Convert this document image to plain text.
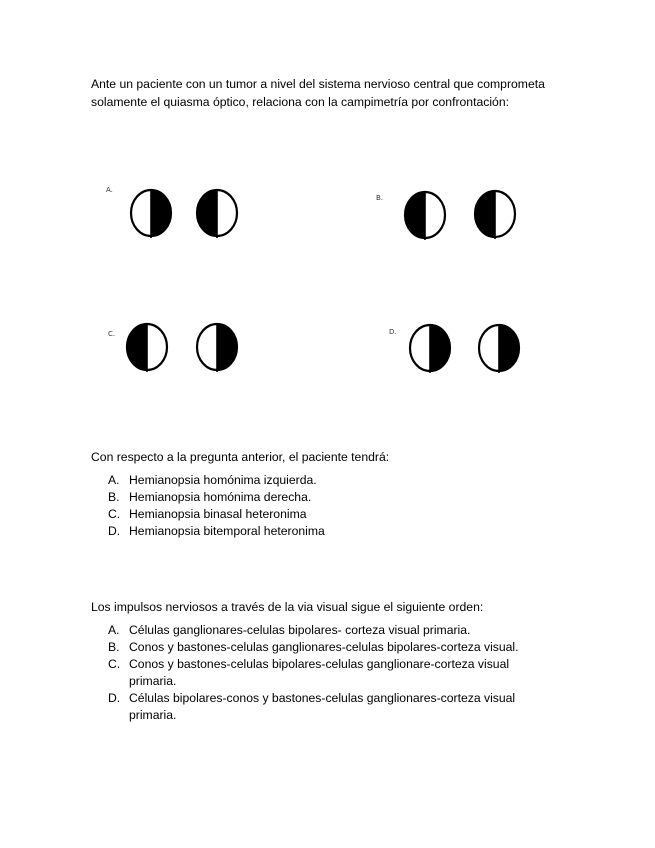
Ante un paciente con un tumor a nivel del sistema nervioso central que comprometa solamente el quiasma óptico, relaciona con la campimetría por confrontación:
A.
B.
C.	D.
Con respecto a la pregunta anterior, el paciente tendrá:
A. Hemianopsia homónima izquierda.
B. Hemianopsia homónima derecha.
C. Hemianopsia binasal heteronima
D. Hemianopsia bitemporal heteronima
Los impulsos nerviosos a través de la via visual sigue el siguiente orden:
A. Células ganglionares-celulas bipolares- corteza visual primaria.
B. Conos y bastones-celulas ganglionares-celulas bipolares-corteza visual.
C. Conos y bastones-celulas bipolares-celulas ganglionare-corteza visual primaria.
D. Células bipolares-conos y bastones-celulas ganglionares-corteza visual primaria.
